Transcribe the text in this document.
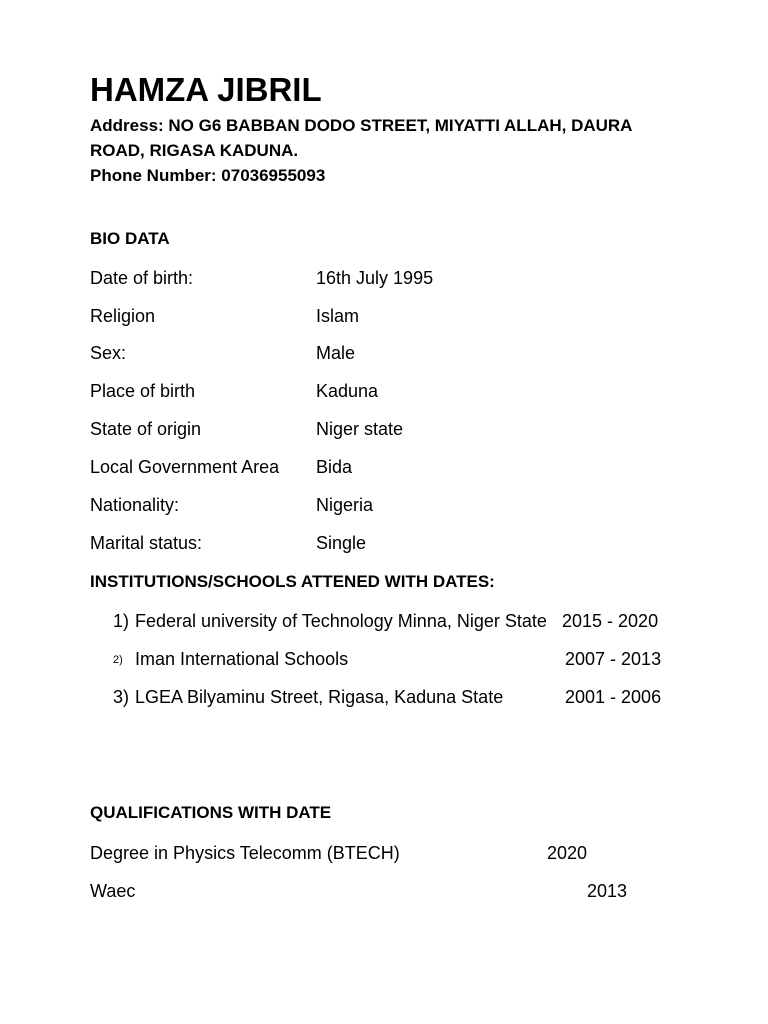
HAMZA JIBRIL
Address: NO G6 BABBAN DODO STREET, MIYATTI ALLAH, DAURA
ROAD, RIGASA KADUNA.
Phone Number: 07036955093
BIO DATA
Date of birth:	16th July 1995
Religion	Islam
Sex:	Male
Place of birth	Kaduna
State of origin	Niger state
Local Government Area Bida
Nationality:	Nigeria
Marital status:	Single
INSTITUTIONS/SCHOOLS ATTENED WITH DATES:
1) Federal university of Technology Minna, Niger State 2015 - 2020
2) Iman International Schools	2007 - 2013
3) LGEA Bilyaminu Street, Rigasa, Kaduna State	2001 - 2006
QUALIFICATIONS WITH DATE
Degree in Physics Telecomm (BTECH)	2020
Waec	2013
